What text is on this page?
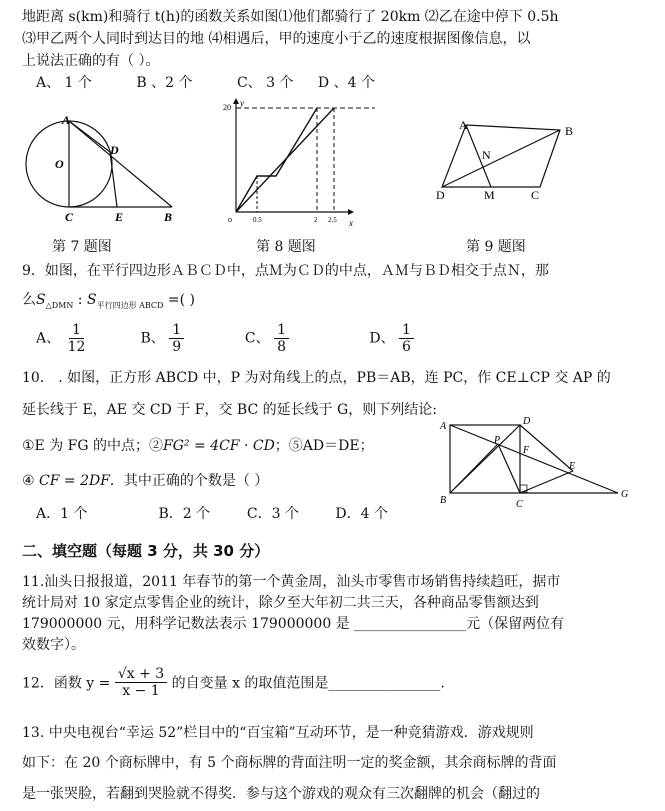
地距离 s(km)和骑行 t(h)的函数关系如图⑴他们都骑行了 20km ⑵乙在途中停下 0.5h
⑶甲乙两个人同时到达目的地 ⑷相遇后，甲的速度小于乙的速度根据图像信息，以
上说法正确的有（ ）。
A、 1 个	B 、2 个	C、 3 个 D 、4 个
A
O
D
C	E	B
第 7 题图
y
x
20
o	0.5	2 2.5
第 8 题图
A	B
N
D	M	C
第 9 题图
9．如图，在平行四边形ＡＢＣＤ中，点Ｍ为ＣＤ的中点，ＡＭ与ＢＤ相交于点Ｎ，那
么$S_{\triangle DMN}$ : $S_{平行四边形 ABCD}$ =( )
A、 $\frac{1}{12}$	B、 $\frac{1}{9}$	C、 $\frac{1}{8}$	D、 $\frac{1}{6}$
10． . 如图，正方形 ABCD 中，P 为对角线上的点，PB＝AB，连 PC，作 CE⊥CP 交 AP 的
延长线于 E，AE 交 CD 于 F，交 BC 的延长线于 G，则下列结论:
①E 为 FG 的中点；②FG² = 4CF · CD；⑤AD＝DE；
④ CF = 2DF．其中正确的个数是（ ）
A．1 个	B．2 个	C．3 个	D．4 个
A	D
P
F
E
B	C
G
二、填空题（每题 3 分，共 30 分）
11.汕头日报报道，2011 年春节的第一个黄金周，汕头市零售市场销售持续趋旺，据市
统计局对 10 家定点零售企业的统计，除夕至大年初二共三天，各种商品零售额达到
179000000 元，用科学记数法表示 179000000 是 ________________元（保留两位有
效数字）。
12．函数 $y = \frac{√x + 3}{x - 1}$ 的自变量 x 的取值范围是________________.
13. 中央电视台“幸运 52”栏目中的“百宝箱”互动环节，是一种竞猜游戏．游戏规则
如下：在 20 个商标牌中，有 5 个商标牌的背面注明一定的奖金额，其余商标牌的背面
是一张哭脸，若翻到哭脸就不得奖．参与这个游戏的观众有三次翻牌的机会（翻过的
